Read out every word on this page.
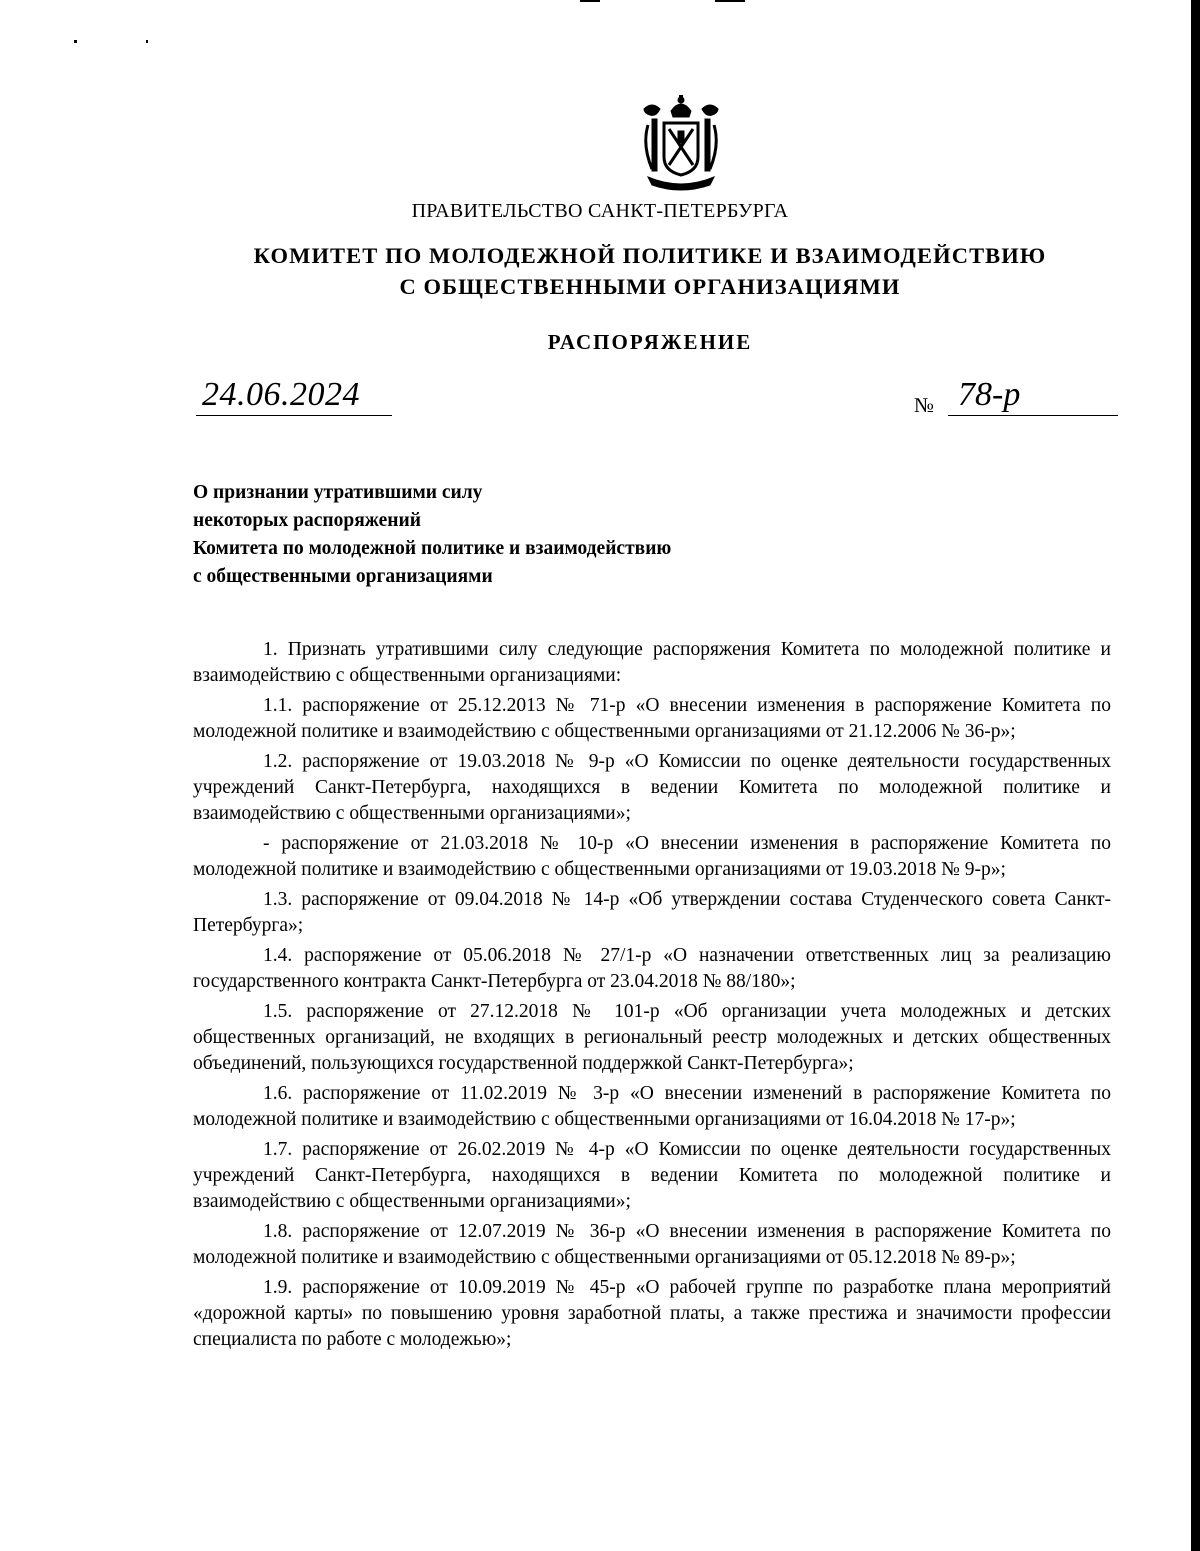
ПРАВИТЕЛЬСТВО САНКТ-ПЕТЕРБУРГА
КОМИТЕТ ПО МОЛОДЕЖНОЙ ПОЛИТИКЕ И ВЗАИМОДЕЙСТВИЮ
С ОБЩЕСТВЕННЫМИ ОРГАНИЗАЦИЯМИ
РАСПОРЯЖЕНИЕ
24.06.2024	№ 78-р
О признании утратившими силу
некоторых распоряжений
Комитета по молодежной политике и взаимодействию
с общественными организациями

1. Признать утратившими силу следующие распоряжения Комитета по молодежной политике и взаимодействию с общественными организациями:

1.1. распоряжение от 25.12.2013 № 71-р «О внесении изменения в распоряжение Комитета по молодежной политике и взаимодействию с общественными организациями от 21.12.2006 № 36-р»;

1.2. распоряжение от 19.03.2018 № 9-р «О Комиссии по оценке деятельности государственных учреждений Санкт-Петербурга, находящихся в ведении Комитета по молодежной политике и взаимодействию с общественными организациями»;

- распоряжение от 21.03.2018 № 10-р «О внесении изменения в распоряжение Комитета по молодежной политике и взаимодействию с общественными организациями от 19.03.2018 № 9-р»;

1.3. распоряжение от 09.04.2018 № 14-р «Об утверждении состава Студенческого совета Санкт-Петербурга»;

1.4. распоряжение от 05.06.2018 № 27/1-р «О назначении ответственных лиц за реализацию государственного контракта Санкт-Петербурга от 23.04.2018 № 88/180»;

1.5. распоряжение от 27.12.2018 № 101-р «Об организации учета молодежных и детских общественных организаций, не входящих в региональный реестр молодежных и детских общественных объединений, пользующихся государственной поддержкой Санкт-Петербурга»;

1.6. распоряжение от 11.02.2019 № 3-р «О внесении изменений в распоряжение Комитета по молодежной политике и взаимодействию с общественными организациями от 16.04.2018 № 17-р»;

1.7. распоряжение от 26.02.2019 № 4-р «О Комиссии по оценке деятельности государственных учреждений Санкт-Петербурга, находящихся в ведении Комитета по молодежной политике и взаимодействию с общественными организациями»;

1.8. распоряжение от 12.07.2019 № 36-р «О внесении изменения в распоряжение Комитета по молодежной политике и взаимодействию с общественными организациями от 05.12.2018 № 89-р»;

1.9. распоряжение от 10.09.2019 № 45-р «О рабочей группе по разработке плана мероприятий «дорожной карты» по повышению уровня заработной платы, а также престижа и значимости профессии специалиста по работе с молодежью»;
